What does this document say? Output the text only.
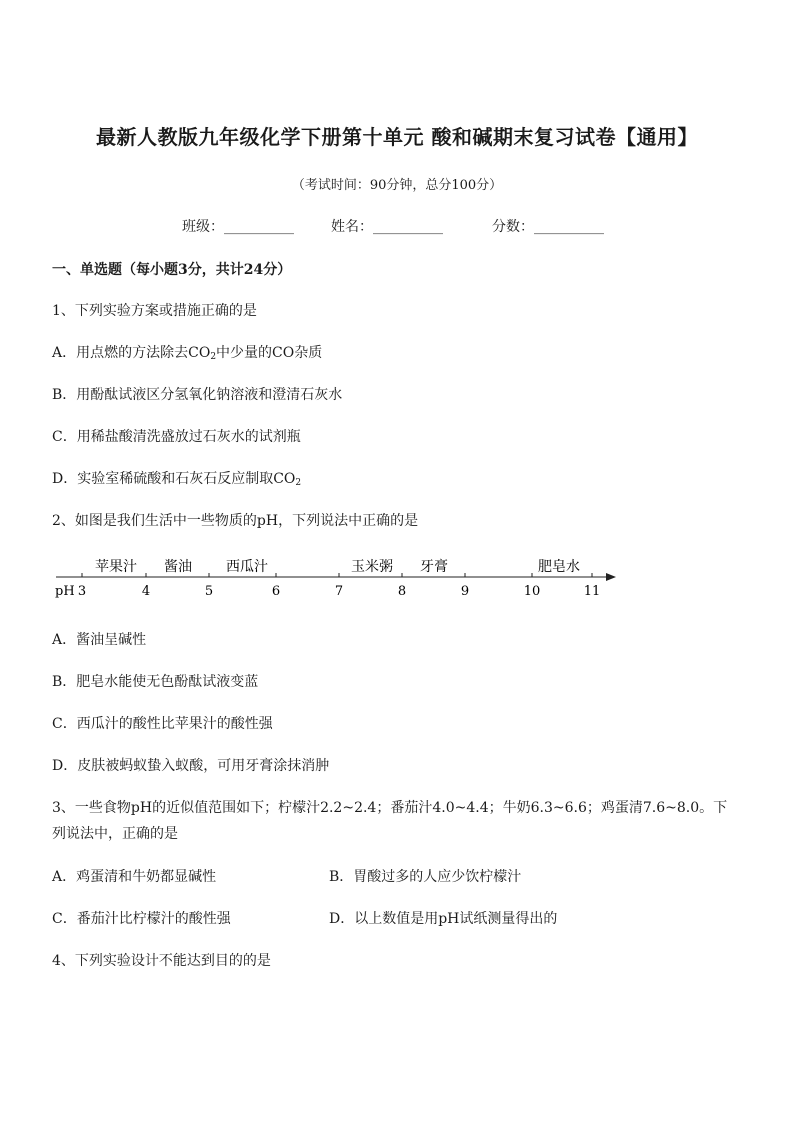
最新人教版九年级化学下册第十单元 酸和碱期末复习试卷【通用】
（考试时间：90分钟，总分100分）
班级：__________	姓名：__________	分数：__________
一、单选题（每小题3分，共计24分）
1、下列实验方案或措施正确的是
A．用点燃的方法除去$CO_2$中少量的CO杂质
B．用酚酞试液区分氢氧化钠溶液和澄清石灰水
C．用稀盐酸清洗盛放过石灰水的试剂瓶
D．实验室稀硫酸和石灰石反应制取$CO_2$
2、如图是我们生活中一些物质的pH，下列说法中正确的是
pH 3	4	5	6	7	8	9	10	11
苹果汁 酱油 西瓜汁	玉米粥 牙膏	肥皂水
A．酱油呈碱性
B．肥皂水能使无色酚酞试液变蓝
C．西瓜汁的酸性比苹果汁的酸性强
D．皮肤被蚂蚁蛰入蚁酸，可用牙膏涂抹消肿
3、一些食物pH的近似值范围如下；柠檬汁2.2~2.4；番茄汁4.0~4.4；牛奶6.3~6.6；鸡蛋清7.6~8.0。下
列说法中，正确的是
A．鸡蛋清和牛奶都显碱性	B．胃酸过多的人应少饮柠檬汁
C．番茄汁比柠檬汁的酸性强	D．以上数值是用pH试纸测量得出的
4、下列实验设计不能达到目的的是
